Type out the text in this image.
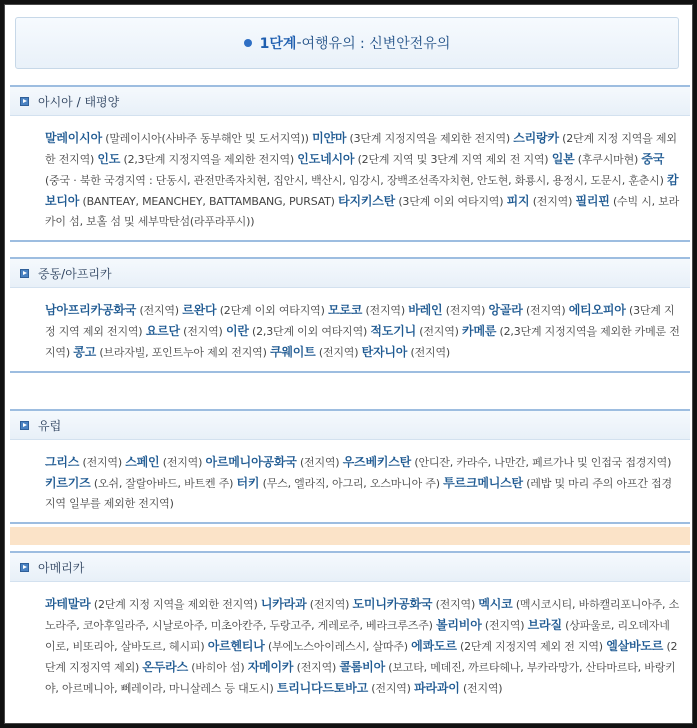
1단계 - 여행유의 : 신변안전유의
아시아 / 태평양
말레이시아 (말레이시아(사바주 동부해안 및 도서지역)) 미얀마 (3단계 지정지역을 제외한 전지역) 스리랑카 (2단계 지정 지역을 제외한 전지역) 인도 (2,3단계 지정지역을 제외한 전지역) 인도네시아 (2단계 지역 및 3단계 지역 제외 전 지역) 일본 (후쿠시마현) 중국 (중국 · 북한 국경지역 : 단동시, 관전만족자치현, 집안시, 백산시, 임강시, 장백조선족자치현, 안도현, 화룡시, 용정시, 도문시, 훈춘시) 캄보디아 (BANTEAY, MEANCHEY, BATTAMBANG, PURSAT) 타지키스탄 (3단계 이외 여타지역) 피지 (전지역) 필리핀 (수빅 시, 보라카이 섬, 보홀 섬 및 세부막탄섬(라푸라푸시))
중동/아프리카
남아프리카공화국 (전지역) 르완다 (2단계 이외 여타지역) 모로코 (전지역) 바레인 (전지역) 앙골라 (전지역) 에티오피아 (3단계 지정 지역 제외 전지역) 요르단 (전지역) 이란 (2,3단계 이외 여타지역) 적도기니 (전지역) 카메룬 (2,3단계 지정지역을 제외한 카메룬 전 지역) 콩고 (브라자빌, 포인트누아 제외 전지역) 쿠웨이트 (전지역) 탄자니아 (전지역)
유럽
그리스 (전지역) 스페인 (전지역) 아르메니아공화국 (전지역) 우즈베키스탄 (안디잔, 카라수, 나만간, 페르가나 및 인접국 접경지역) 키르기즈 (오쉬, 잘랄아바드, 바트켄 주) 터키 (무스, 엘라직, 아그리, 오스마니아 주) 투르크메니스탄 (레밥 및 마리 주의 아프간 접경지역 일부를 제외한 전지역)
아메리카
과테말라 (2단계 지정 지역을 제외한 전지역) 니카라과 (전지역) 도미니카공화국 (전지역) 멕시코 (멕시코시티, 바하캘리포니아주, 소노라주, 코아후일라주, 시날로아주, 미초아칸주, 두랑고주, 게레로주, 베라크루즈주) 볼리비아 (전지역) 브라질 (상파울로, 리오데자네이로, 비또리아, 살바도르, 헤시피) 아르헨티나 (부에노스아이레스시, 살따주) 에콰도르 (2단계 지정지역 제외 전 지역) 엘살바도르 (2단계 지정지역 제외) 온두라스 (바히아 섬) 자메이카 (전지역) 콜롬비아 (보고타, 메데진, 까르타헤나, 부카라망가, 산타마르타, 바랑키야, 아르메니아, 뻬레이라, 마니살레스 등 대도시) 트리니다드토바고 (전지역) 파라과이 (전지역)
